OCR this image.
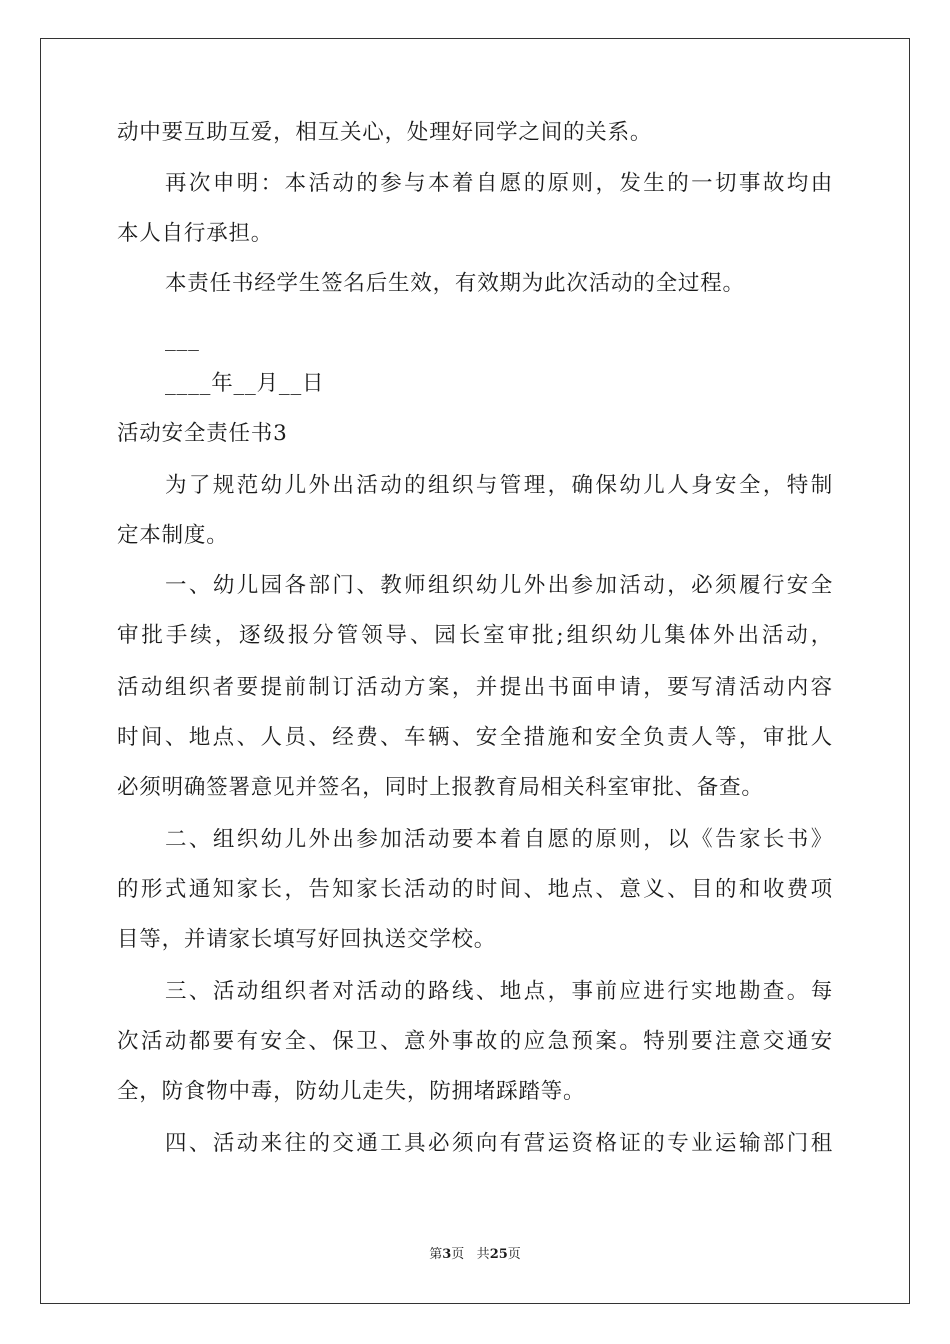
动中要互助互爱，相互关心，处理好同学之间的关系。
再次申明：本活动的参与本着自愿的原则，发生的一切事故均由
本人自行承担。
本责任书经学生签名后生效，有效期为此次活动的全过程。
___
____年__月__日
活动安全责任书3
为了规范幼儿外出活动的组织与管理，确保幼儿人身安全，特制
定本制度。
一、幼儿园各部门、教师组织幼儿外出参加活动，必须履行安全
审批手续，逐级报分管领导、园长室审批;组织幼儿集体外出活动，
活动组织者要提前制订活动方案，并提出书面申请，要写清活动内容
时间、地点、人员、经费、车辆、安全措施和安全负责人等，审批人
必须明确签署意见并签名，同时上报教育局相关科室审批、备查。
二、组织幼儿外出参加活动要本着自愿的原则，以《告家长书》
的形式通知家长，告知家长活动的时间、地点、意义、目的和收费项
目等，并请家长填写好回执送交学校。
三、活动组织者对活动的路线、地点，事前应进行实地勘查。每
次活动都要有安全、保卫、意外事故的应急预案。特别要注意交通安
全，防食物中毒，防幼儿走失，防拥堵踩踏等。
四、活动来往的交通工具必须向有营运资格证的专业运输部门租
第3页 共25页
